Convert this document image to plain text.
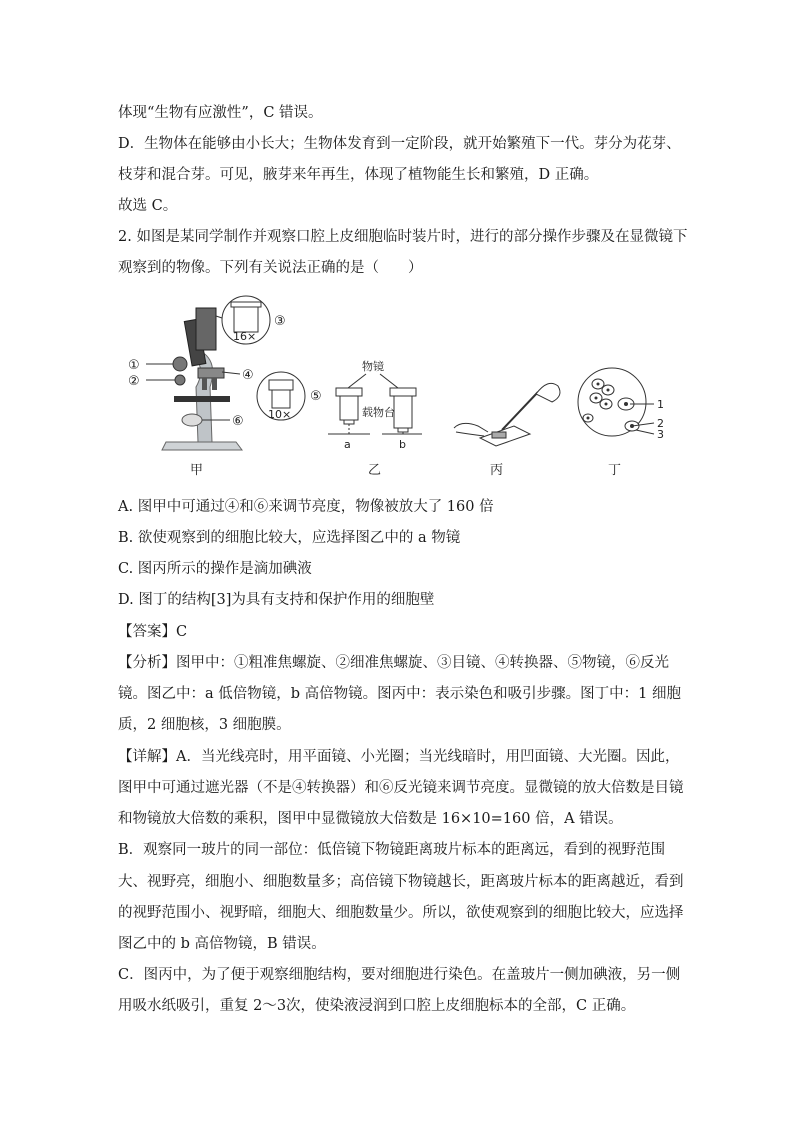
体现“生物有应激性”，C 错误。
D．生物体在能够由小长大；生物体发育到一定阶段，就开始繁殖下一代。芽分为花芽、
枝芽和混合芽。可见，腋芽来年再生，体现了植物能生长和繁殖，D 正确。
故选 C。
2. 如图是某同学制作并观察口腔上皮细胞临时装片时，进行的部分操作步骤及在显微镜下
观察到的物像。下列有关说法正确的是（　　）
①
②
16×
③
④
10×
⑤
⑥
甲
物镜
载物台
a	b
乙	丙
1
2
3
丁
A. 图甲中可通过④和⑥来调节亮度，物像被放大了 160 倍
B. 欲使观察到的细胞比较大，应选择图乙中的 a 物镜
C. 图丙所示的操作是滴加碘液
D. 图丁的结构[3]为具有支持和保护作用的细胞壁
【答案】C
【分析】图甲中：①粗准焦螺旋、②细准焦螺旋、③目镜、④转换器、⑤物镜，⑥反光
镜。图乙中：a 低倍物镜，b 高倍物镜。图丙中：表示染色和吸引步骤。图丁中：1 细胞
质，2 细胞核，3 细胞膜。
【详解】A．当光线亮时，用平面镜、小光圈；当光线暗时，用凹面镜、大光圈。因此，
图甲中可通过遮光器（不是④转换器）和⑥反光镜来调节亮度。显微镜的放大倍数是目镜
和物镜放大倍数的乘积，图甲中显微镜放大倍数是 16×10=160 倍，A 错误。
B．观察同一玻片的同一部位：低倍镜下物镜距离玻片标本的距离远，看到的视野范围
大、视野亮，细胞小、细胞数量多；高倍镜下物镜越长，距离玻片标本的距离越近，看到
的视野范围小、视野暗，细胞大、细胞数量少。所以，欲使观察到的细胞比较大，应选择
图乙中的 b 高倍物镜，B 错误。
C．图丙中，为了便于观察细胞结构，要对细胞进行染色。在盖玻片一侧加碘液，另一侧
用吸水纸吸引，重复 2～3次，使染液浸润到口腔上皮细胞标本的全部，C 正确。
